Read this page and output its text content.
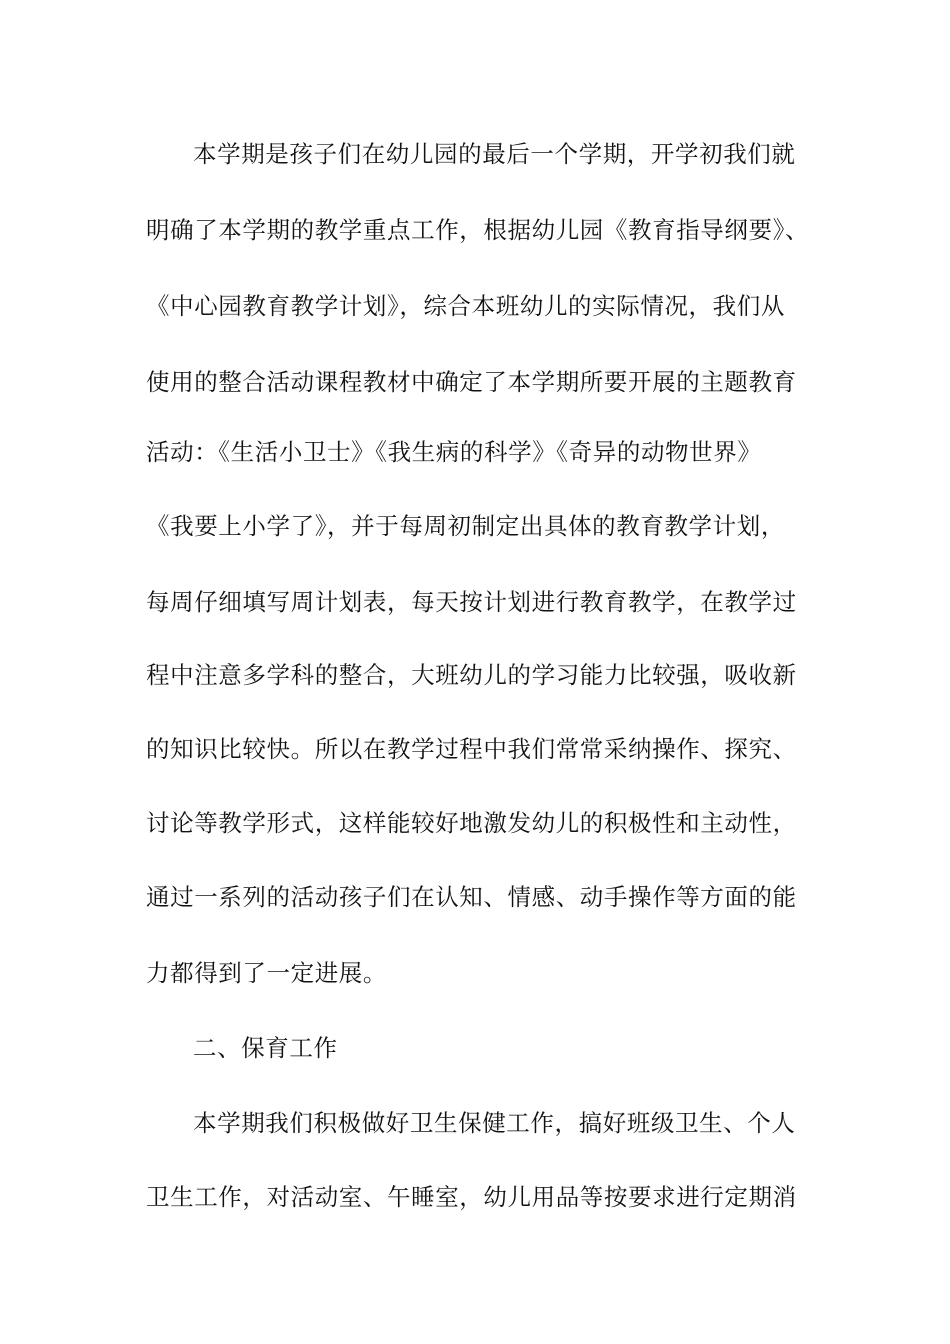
本学期是孩子们在幼儿园的最后一个学期，开学初我们就
明确了本学期的教学重点工作，根据幼儿园《教育指导纲要》、
《中心园教育教学计划》，综合本班幼儿的实际情况，我们从
使用的整合活动课程教材中确定了本学期所要开展的主题教育
活动：《生活小卫士》《我生病的科学》《奇异的动物世界》
《我要上小学了》，并于每周初制定出具体的教育教学计划，
每周仔细填写周计划表，每天按计划进行教育教学，在教学过
程中注意多学科的整合，大班幼儿的学习能力比较强，吸收新
的知识比较快。所以在教学过程中我们常常采纳操作、探究、
讨论等教学形式，这样能较好地激发幼儿的积极性和主动性，
通过一系列的活动孩子们在认知、情感、动手操作等方面的能
力都得到了一定进展。
二、保育工作
本学期我们积极做好卫生保健工作，搞好班级卫生、个人
卫生工作，对活动室、午睡室，幼儿用品等按要求进行定期消
